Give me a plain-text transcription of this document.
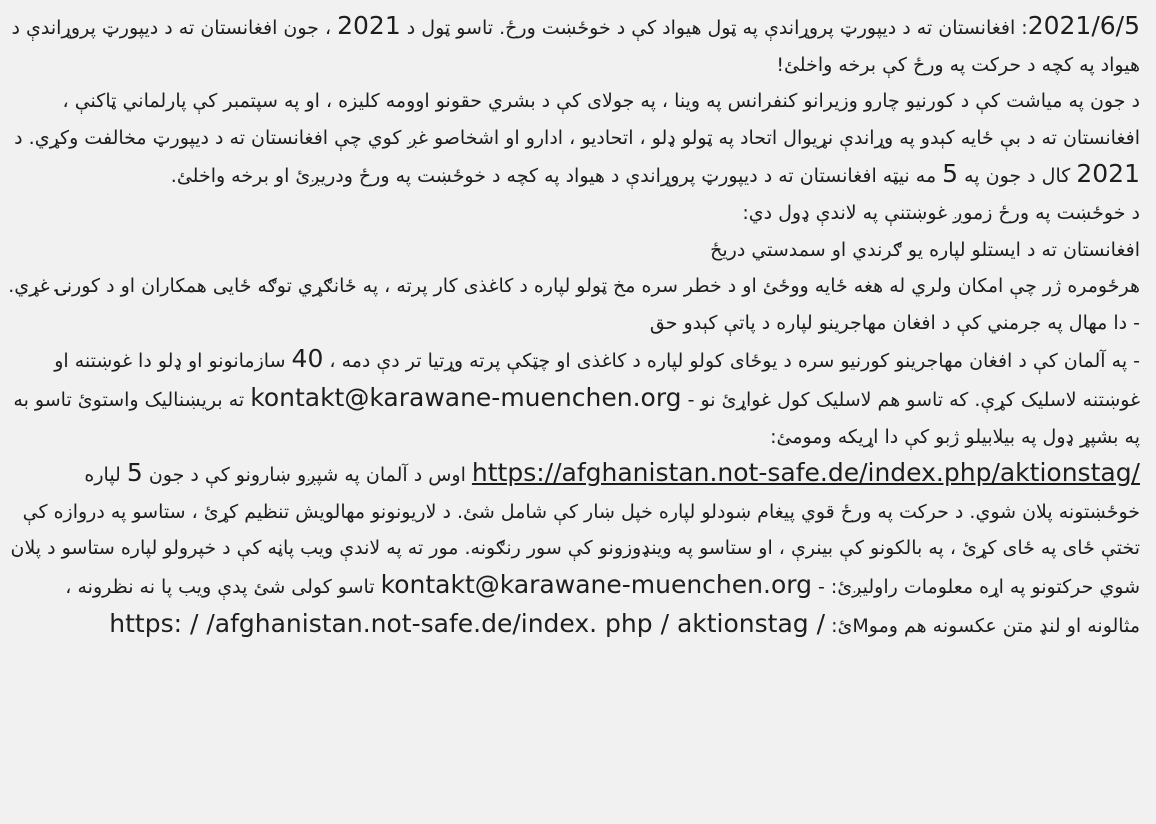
2021/6/5: افغانستان ته د دیپورټ پروړاندې په ټول هیواد کې د خوځښت ورځ. تاسو ټول د 2021 ، جون افغانستان ته د دیپورټ پروړاندې د هیواد په کچه د حرکت په ورځ کې برخه واخلئ!

د جون په میاشت کې د کورنیو چارو وزیرانو کنفرانس په وینا ، په جولای کې د بشري حقونو اوومه کلیزه ، او په سپتمبر کې پارلماني ټاکنې ، افغانستان ته د بې ځایه کېدو په وړاندې نړیوال اتحاد په ټولو ډلو ، اتحادیو ، ادارو او اشخاصو غږ کوي چې افغانستان ته د دیپورټ مخالفت وکړي. د 2021 کال د جون په 5 مه نیټه افغانستان ته د دیپورټ پروړاندې د هیواد په کچه د خوځښت په ورځ ودریږئ او برخه واخلئ.

د خوځښت په ورځ زموږ غوښتنې په لاندې ډول دي:

افغانستان ته د ایستلو لپاره یو ګرندي او سمدستي دریځ

هرځومره ژر چې امکان ولري له هغه ځایه ووځئ او د خطر سره مخ ټولو لپاره د کاغذی کار پرته ، په ځانګړي توګه ځایی همکاران او د کورنۍ غړي.

- دا مهال په جرمني کې د افغان مهاجرینو لپاره د پاتې کېدو حق

- په آلمان کې د افغان مهاجرینو کورنیو سره د یوځای کولو لپاره د کاغذی او چټکې پرته وړتیا تر دې دمه ، 40 سازمانونو او ډلو دا غوښتنه او غوښتنه لاسلیک کړې. که تاسو هم لاسلیک کول غواړئ نو - kontakt@karawane-muenchen.org ته بریښنالیک واستوئ تاسو به په بشپړ ډول په بیلابیلو ژبو کې دا اړیکه ومومئ:

https://afghanistan.not-safe.de/index.php/aktionstag/ اوس د آلمان په شپږو ښارونو کې د جون 5 لپاره خوځښتونه پلان شوي. د حرکت په ورځ قوي پیغام ښودلو لپاره خپل ښار کې شامل شئ. د لاریونونو مهالویش تنظیم کړئ ، ستاسو په دروازه کې تختې ځای په ځای کړئ ، په بالکونو کې بینرې ، او ستاسو په وینډوزونو کې سور رنګونه. مور ته په لاندې ویب پاڼه کې د خپرولو لپاره ستاسو د پلان شوي حرکتونو په اړه معلومات راولیږئ: - kontakt@karawane-muenchen.org تاسو کولی شئ پدې ویب پا نه نظرونه ، مثالونه او لنډ متن عکسونه هم وموMئ: https: / /afghanistan.not-safe.de/index. php / aktionstag /
